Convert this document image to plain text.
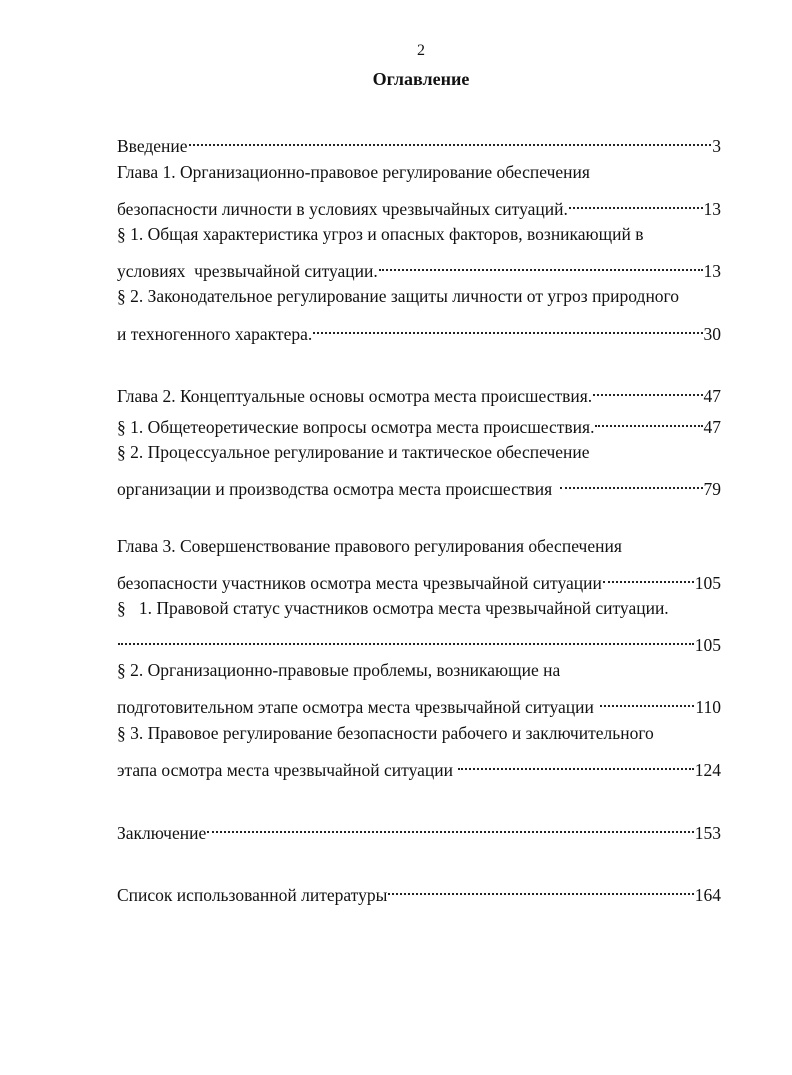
2
Оглавление
Введение	3
Глава 1. Организационно-правовое регулирование обеспечения
безопасности личности в условиях чрезвычайных ситуаций.	13
§ 1. Общая характеристика угроз и опасных факторов, возникающий в
условиях  чрезвычайной ситуации.	13
§ 2. Законодательное регулирование защиты личности от угроз природного
и техногенного характера.	30
Глава 2. Концептуальные основы осмотра места происшествия.	47
§ 1. Общетеоретические вопросы осмотра места происшествия.	47
§ 2. Процессуальное регулирование и тактическое обеспечение
организации и производства осмотра места происшествия	79
Глава 3. Совершенствование правового регулирования обеспечения
безопасности участников осмотра места чрезвычайной ситуации	105
§   1. Правовой статус участников осмотра места чрезвычайной ситуации.
105
§ 2. Организационно-правовые проблемы, возникающие на
подготовительном этапе осмотра места чрезвычайной ситуации	110
§ 3. Правовое регулирование безопасности рабочего и заключительного
этапа осмотра места чрезвычайной ситуации	124
Заключение	153
Список использованной литературы	164
